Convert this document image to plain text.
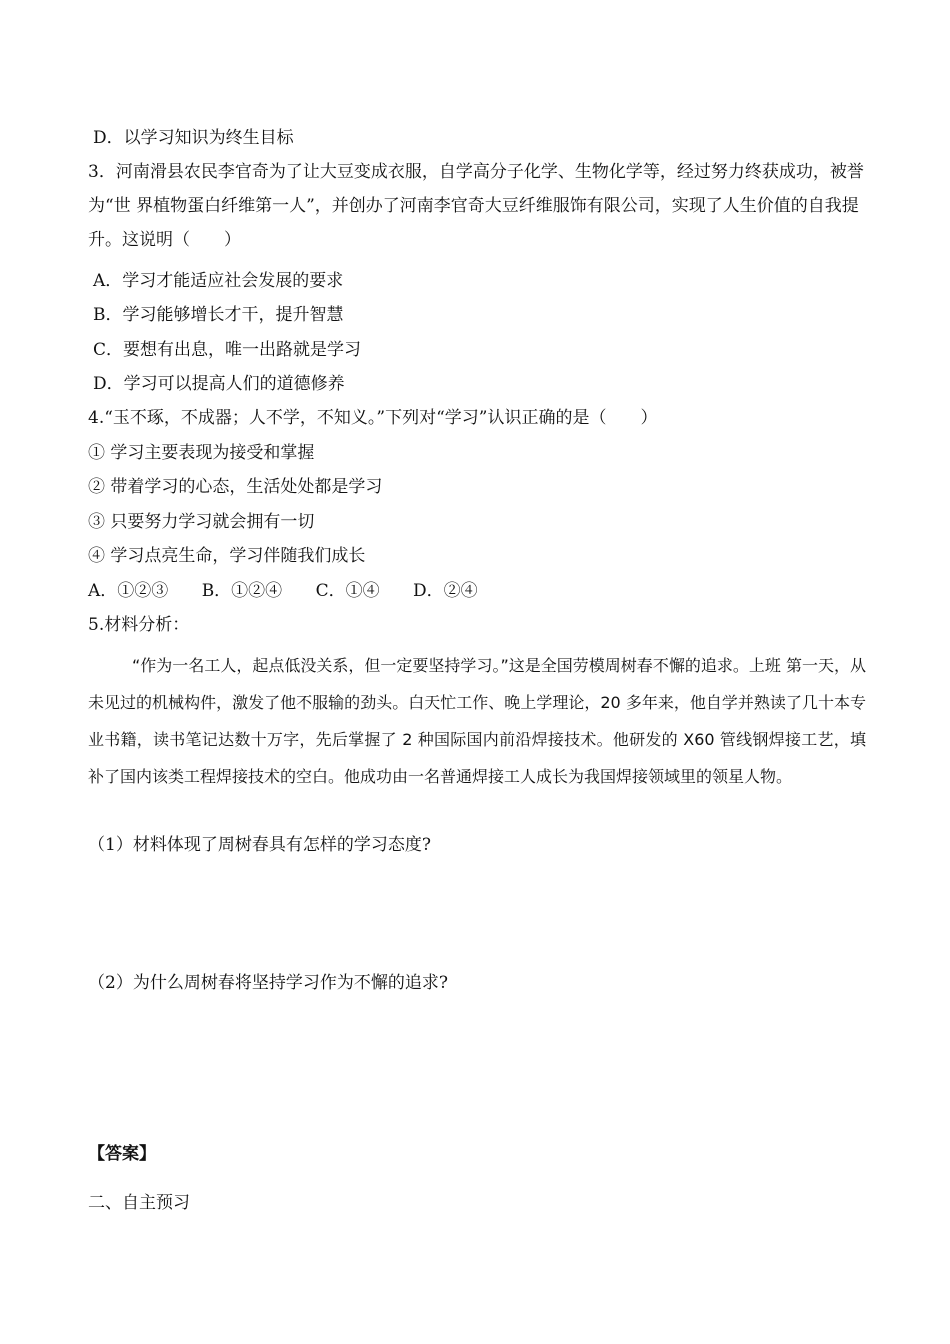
D．以学习知识为终生目标
3．河南滑县农民李官奇为了让大豆变成衣服，自学高分子化学、生物化学等，经过努力终获成功，被誉为“世 界植物蛋白纤维第一人”，并创办了河南李官奇大豆纤维服饰有限公司，实现了人生价值的自我提升。这说明（　　）
A．学习才能适应社会发展的要求
B．学习能够增长才干，提升智慧
C．要想有出息，唯一出路就是学习
D．学习可以提高人们的道德修养
4.“玉不琢，不成器；人不学，不知义。”下列对“学习”认识正确的是（　　）
① 学习主要表现为接受和掌握
② 带着学习的心态，生活处处都是学习
③ 只要努力学习就会拥有一切
④ 学习点亮生命，学习伴随我们成长
A．①②③ B．①②④ C．①④ D．②④
5.材料分析：

“作为一名工人，起点低没关系，但一定要坚持学习。”这是全国劳模周树春不懈的追求。上班 第一天，从未见过的机械构件，激发了他不服输的劲头。白天忙工作、晚上学理论，20 多年来，他自学并熟读了几十本专业书籍，读书笔记达数十万字，先后掌握了 2 种国际国内前沿焊接技术。他研发的 X60 管线钢焊接工艺，填补了国内该类工程焊接技术的空白。他成功由一名普通焊接工人成长为我国焊接领域里的领星人物。

（1）材料体现了周树春具有怎样的学习态度?
（2）为什么周树春将坚持学习作为不懈的追求?
【答案】
二、自主预习
